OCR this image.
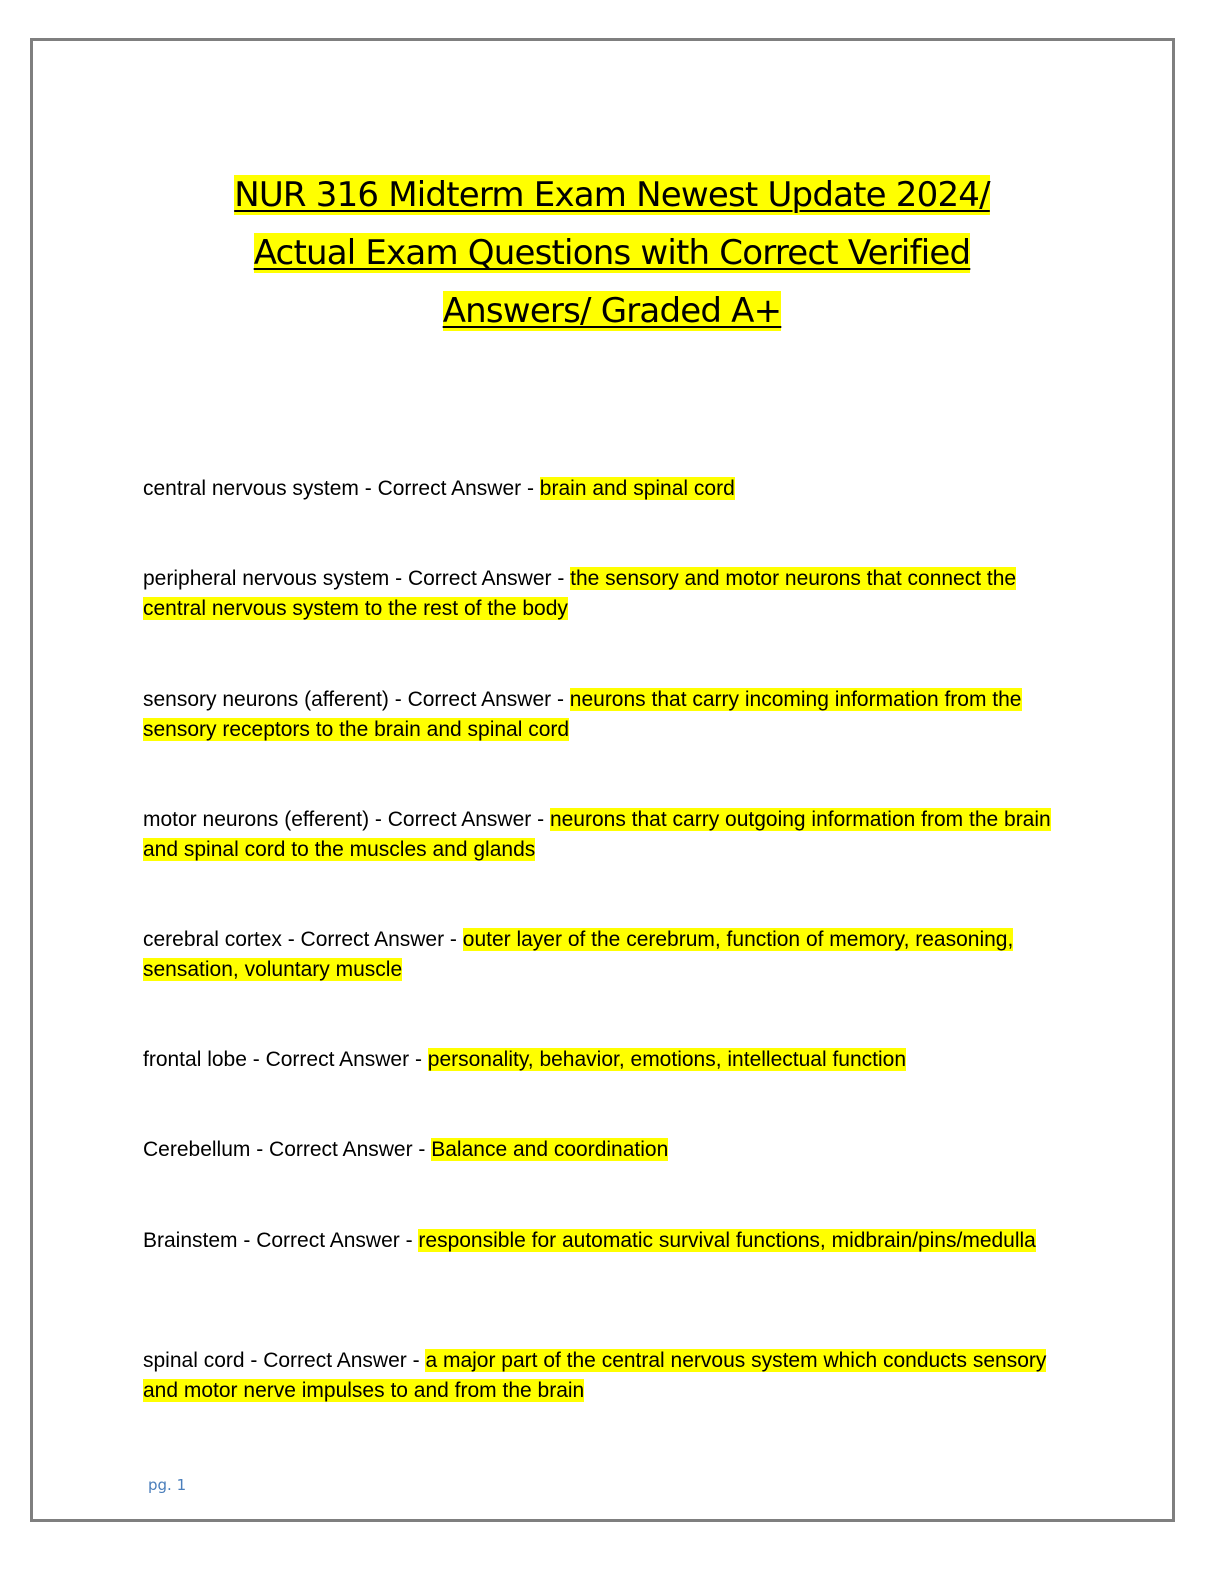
NUR 316 Midterm Exam Newest Update 2024/
Actual Exam Questions with Correct Verified
Answers/ Graded A+

central nervous system - Correct Answer - brain and spinal cord

peripheral nervous system - Correct Answer - the sensory and motor neurons that connect the central nervous system to the rest of the body

sensory neurons (afferent) - Correct Answer - neurons that carry incoming information from the sensory receptors to the brain and spinal cord

motor neurons (efferent) - Correct Answer - neurons that carry outgoing information from the brain and spinal cord to the muscles and glands

cerebral cortex - Correct Answer - outer layer of the cerebrum, function of memory, reasoning, sensation, voluntary muscle

frontal lobe - Correct Answer - personality, behavior, emotions, intellectual function

Cerebellum - Correct Answer - Balance and coordination

Brainstem - Correct Answer - responsible for automatic survival functions, midbrain/pins/medulla

spinal cord - Correct Answer - a major part of the central nervous system which conducts sensory and motor nerve impulses to and from the brain

pg. 1
